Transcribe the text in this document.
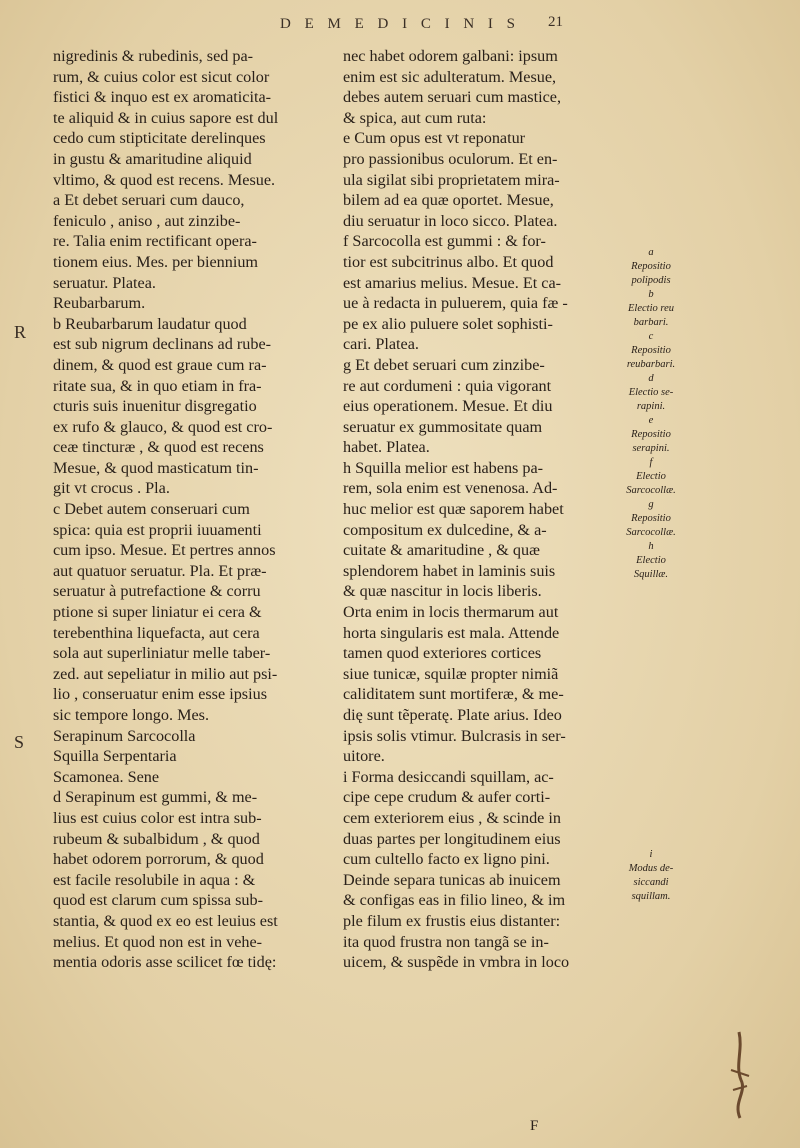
D E M E D I C I N I S	21
R
S
nigredinis & rubedinis, sed pa-
rum, & cuius color est sicut color
fistici & inquo est ex aromaticita-
te aliquid & in cuius sapore est dul
cedo cum stipticitate derelinques
in gustu & amaritudine aliquid
vltimo, & quod est recens. Mesue.
a Et debet seruari cum dauco,
feniculo , aniso , aut zinzibe-
re. Talia enim rectificant opera-
tionem eius. Mes. per biennium
seruatur. Platea.
Reubarbarum.
b Reubarbarum laudatur quod
est sub nigrum declinans ad rube-
dinem, & quod est graue cum ra-
ritate sua, & in quo etiam in fra-
cturis suis inuenitur disgregatio
ex rufo & glauco, & quod est cro-
ceæ tincturæ , & quod est recens
Mesue, & quod masticatum tin-
git vt crocus . Pla.
c Debet autem conseruari cum
spica: quia est proprii iuuamenti
cum ipso. Mesue. Et pertres annos
aut quatuor seruatur. Pla. Et præ-
seruatur à putrefactione & corru
ptione si super liniatur ei cera &
terebenthina liquefacta, aut cera
sola aut superliniatur melle taber-
zed. aut sepeliatur in milio aut psi-
lio , conseruatur enim esse ipsius
sic tempore longo. Mes.
Serapinum Sarcocolla
Squilla Serpentaria
Scamonea. Sene
d Serapinum est gummi, & me-
lius est cuius color est intra sub-
rubeum & subalbidum , & quod
habet odorem porrorum, & quod
est facile resolubile in aqua : &
quod est clarum cum spissa sub-
stantia, & quod ex eo est leuius est
melius. Et quod non est in vehe-
mentia odoris asse scilicet fœ tidę:
nec habet odorem galbani: ipsum
enim est sic adulteratum. Mesue,
debes autem seruari cum mastice,
& spica, aut cum ruta:
e Cum opus est vt reponatur
pro passionibus oculorum. Et en-
ula sigilat sibi proprietatem mira-
bilem ad ea quæ oportet. Mesue,
diu seruatur in loco sicco. Platea.
f Sarcocolla est gummi : & for-
tior est subcitrinus albo. Et quod
est amarius melius. Mesue. Et ca-
ue à redacta in puluerem, quia fæ -
pe ex alio puluere solet sophisti-
cari. Platea.
g Et debet seruari cum zinzibe-
re aut cordumeni : quia vigorant
eius operationem. Mesue. Et diu
seruatur ex gummositate quam
habet. Platea.
h Squilla melior est habens pa-
rem, sola enim est venenosa. Ad-
huc melior est quæ saporem habet
compositum ex dulcedine, & a-
cuitate & amaritudine , & quæ
splendorem habet in laminis suis
& quæ nascitur in locis liberis.
Orta enim in locis thermarum aut
horta singularis est mala. Attende
tamen quod exteriores cortices
siue tunicæ, squilæ propter nimiã
caliditatem sunt mortiferæ, & me-
dię sunt tẽperatę. Plate arius. Ideo
ipsis solis vtimur. Bulcrasis in ser-
uitore.
i Forma desiccandi squillam, ac-
cipe cepe crudum & aufer corti-
cem exteriorem eius , & scinde in
duas partes per longitudinem eius
cum cultello facto ex ligno pini.
Deinde separa tunicas ab inuicem
& configas eas in filio lineo, & im
ple filum ex frustis eius distanter:
ita quod frustra non tangã se in-
uicem, & suspẽde in vmbra in loco
a
Repositio
polipodis
b
Electio reu
barbari.
c
Repositio
reubarbari.
d
Electio se-
rapini.
e
Repositio
serapini.
f
Electio
Sarcocollæ.
g
Repositio
Sarcocollæ.
h
Electio
Squillæ.
i
Modus de-
siccandi
squillam.
F
